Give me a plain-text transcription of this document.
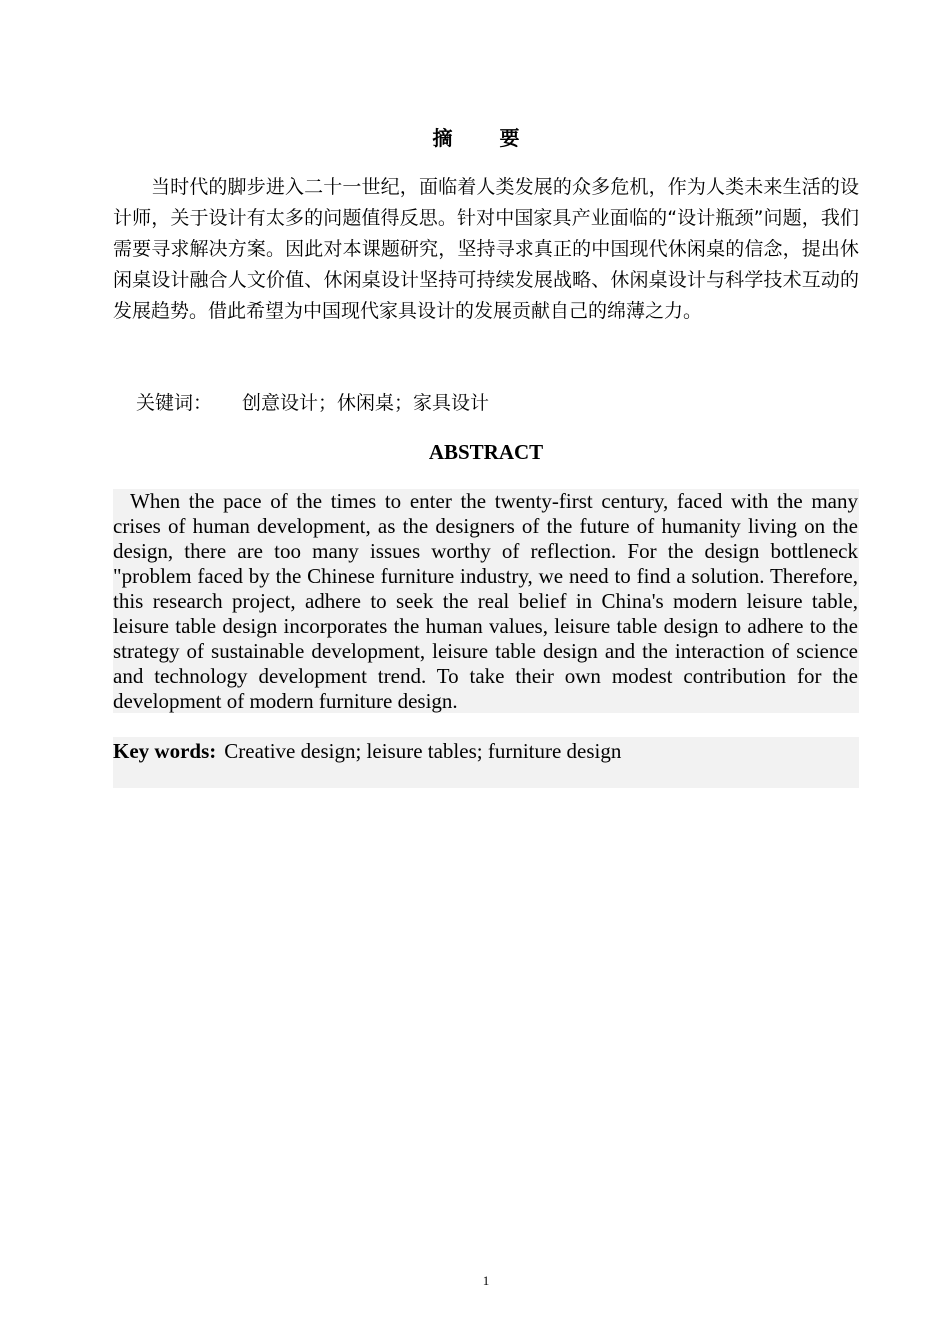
摘 要

当时代的脚步进入二十一世纪，面临着人类发展的众多危机，作为人类未来生活的设计师，关于设计有太多的问题值得反思。针对中国家具产业面临的“设计瓶颈”问题，我们需要寻求解决方案。因此对本课题研究，坚持寻求真正的中国现代休闲桌的信念，提出休闲桌设计融合人文价值、休闲桌设计坚持可持续发展战略、休闲桌设计与科学技术互动的发展趋势。借此希望为中国现代家具设计的发展贡献自己的绵薄之力。

关键词： 创意设计；休闲桌；家具设计
ABSTRACT

When the pace of the times to enter the twenty-first century, faced with the many crises of human development, as the designers of the future of humanity living on the design, there are too many issues worthy of reflection. For the design bottleneck "problem faced by the Chinese furniture industry, we need to find a solution. Therefore, this research project, adhere to seek the real belief in China's modern leisure table, leisure table design incorporates the human values, leisure table design to adhere to the strategy of sustainable development, leisure table design and the interaction of science and technology development trend. To take their own modest contribution for the development of modern furniture design.

Key words: Creative design; leisure tables; furniture design
1
